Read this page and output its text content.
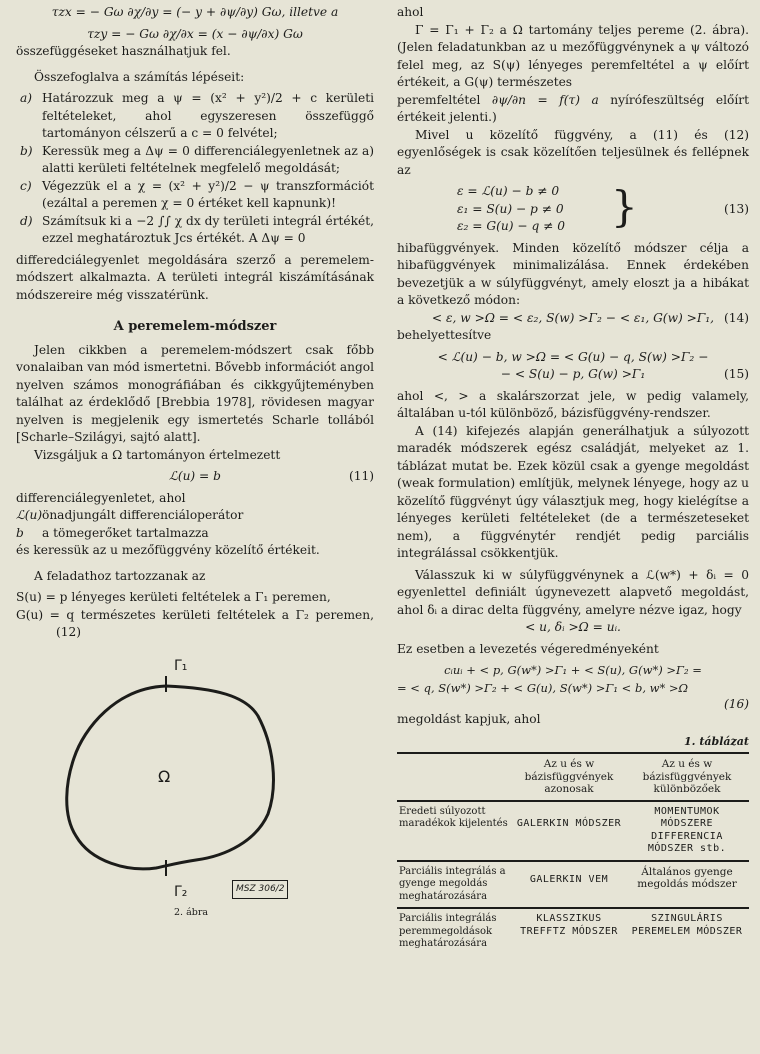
τzx = − Gω ∂χ/∂y = (− y + ∂ψ/∂y) Gω, illetve a

τzy = − Gω ∂χ/∂x = (x − ∂ψ/∂x) Gω

összefüggéseket használhatjuk fel.

Összefoglalva a számítás lépéseit:

a) Határozzuk meg a ψ = (x² + y²)/2 + c kerületi feltételeket, ahol egyszeresen összefüggő tartományon célszerű a c = 0 felvétel;

b) Keressük meg a Δψ = 0 differenciálegyenletnek az a) alatti kerületi feltételnek megfelelő megoldását;

c) Végezzük el a χ = (x² + y²)/2 − ψ transzformációt (ezáltal a peremen χ = 0 értéket kell kapnunk)!

d) Számítsuk ki a −2 ∫∫ χ dx dy területi integrál értékét, ezzel meghatároztuk Jcs értékét. A Δψ = 0

differedciálegyenlet megoldására szerző a peremelem-módszert alkalmazta. A területi integrál kiszámításának módszereire még visszatérünk.

A peremelem-módszer

Jelen cikkben a peremelem-módszert csak főbb vonalaiban van mód ismertetni. Bővebb információt angol nyelven számos monográfiában és cikkgyűjteményben találhat az érdeklődő [Brebbia 1978], rövidesen magyar nyelven is megjelenik egy ismertetés Scharle tollából [Scharle–Szilágyi, sajtó alatt].

Vizsgáljuk a Ω tartományon értelmezett

ℒ(u) = b	(11)

differenciálegyenletet, ahol

ℒ(u) önadjungált differenciáloperátor
b	a tömegerőket tartalmazza

és keressük az u mezőfüggvény közelítő értékeit.

A feladathoz tartozzanak az

S(u) = p lényeges kerületi feltételek a Γ₁ peremen,

G(u) = q természetes kerületi feltételek a Γ₂ peremen, (12)

Γ₁
Ω
Γ₂	MSZ 306/2
2. ábra

ahol

Γ = Γ₁ + Γ₂ a Ω tartomány teljes pereme (2. ábra). (Jelen feladatunkban az u mezőfüggvénynek a ψ változó felel meg, az S(ψ) lényeges peremfeltétel a ψ előírt értékeit, a G(ψ) természetes

peremfeltétel ∂ψ/∂n = f(τ) a nyírófeszültség előírt értékeit jelenti.)

Mivel u közelítő függvény, a (11) és (12) egyenlőségek is csak közelítően teljesülnek és fellépnek az

ε = ℒ(u) − b ≠ 0
ε₁ = S(u) − p ≠ 0
ε₂ = G(u) − q ≠ 0	}	(13)

hibafüggvények. Minden közelítő módszer célja a hibafüggvények minimalizálása. Ennek érdekében bevezetjük a w súlyfüggvényt, amely eloszt ja a hibákat a következő módon:

< ε, w >Ω = < ε₂, S(w) >Γ₂ − < ε₁, G(w) >Γ₁, (14)

behelyettesítve

< ℒ(u) − b, w >Ω = < G(u) − q, S(w) >Γ₂ −

− < S(u) − p, G(w) >Γ₁	(15)

ahol <, > a skalárszorzat jele, w pedig valamely, általában u-tól különböző, bázisfüggvény-rendszer.

A (14) kifejezés alapján generálhatjuk a súlyozott maradék módszerek egész családját, melyeket az 1. táblázat mutat be. Ezek közül csak a gyenge megoldást (weak formulation) említjük, melynek lényege, hogy az u közelítő függvényt úgy választjuk meg, hogy kielégítse a lényeges kerületi feltételeket (de a természeteseket nem), a függvénytér rendjét pedig parciális integrálással csökkentjük.

Válasszuk ki w súlyfüggvénynek a ℒ(w*) + δᵢ = 0 egyenlettel definiált úgynevezett alapvető megoldást, ahol δᵢ a dirac delta függvény, amelyre nézve igaz, hogy

< u, δᵢ >Ω = uᵢ.

Ez esetben a levezetés végeredményeként

cᵢuᵢ + < p, G(w*) >Γ₁ + < S(u), G(w*) >Γ₂ =

= < q, S(w*) >Γ₂ + < G(u), S(w*) >Γ₁ < b, w* >Ω

(16)

megoldást kapjuk, ahol

1. táblázat
	Az u és w bázisfüggvények azonosak	Az u és w bázisfüggvények különbözőek
Eredeti súlyozott maradékok kijelentés	GALERKIN MÓDSZER	MOMENTUMOK MÓDSZERE DIFFERENCIA MÓDSZER stb.
Parciális integrálás a gyenge megoldás meghatározására	GALERKIN VEM	Általános gyenge megoldás módszer
Parciális integrálás peremmegoldások meghatározására	KLASSZIKUS TREFFTZ MÓDSZER	SZINGULÁRIS PEREMELEM MÓDSZER
